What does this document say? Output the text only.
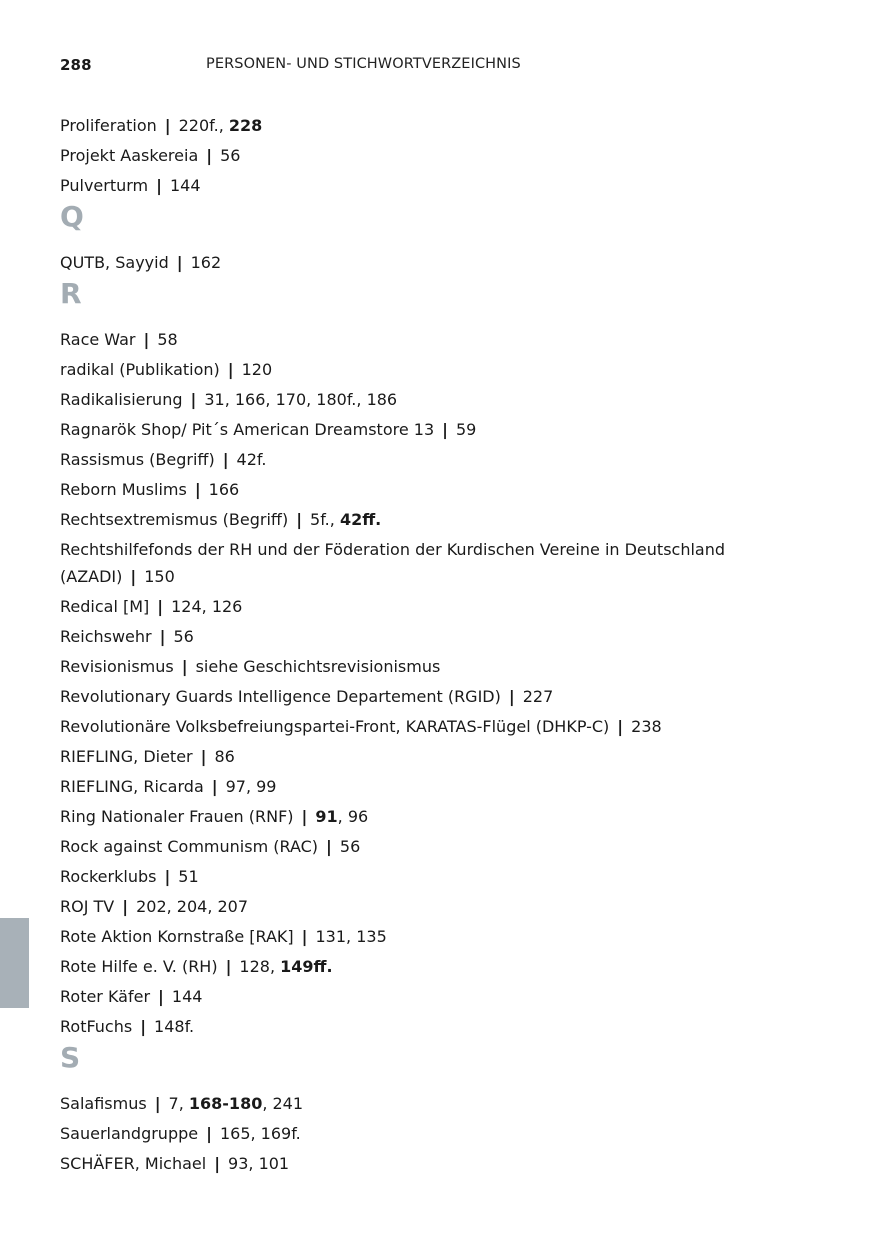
288	PERSONEN- UND STICHWORTVERZEICHNIS
Proliferation | 220f., 228
Projekt Aaskereia | 56
Pulverturm | 144
Q
QUTB, Sayyid | 162
R
Race War | 58
radikal (Publikation) | 120
Radikalisierung | 31, 166, 170, 180f., 186
Ragnarök Shop/ Pit´s American Dreamstore 13 | 59
Rassismus (Begriff) | 42f.
Reborn Muslims | 166
Rechtsextremismus (Begriff) | 5f., 42ff.
Rechtshilfefonds der RH und der Föderation der Kurdischen Vereine in Deutschland (AZADI) | 150
Redical [M] | 124, 126
Reichswehr | 56
Revisionismus | siehe Geschichtsrevisionismus
Revolutionary Guards Intelligence Departement (RGID) | 227
Revolutionäre Volksbefreiungspartei-Front, KARATAS-Flügel (DHKP-C) | 238
RIEFLING, Dieter | 86
RIEFLING, Ricarda | 97, 99
Ring Nationaler Frauen (RNF) | 91, 96
Rock against Communism (RAC) | 56
Rockerklubs | 51
ROJ TV | 202, 204, 207
Rote Aktion Kornstraße [RAK] | 131, 135
Rote Hilfe e. V. (RH) | 128, 149ff.
Roter Käfer | 144
RotFuchs | 148f.
S
Salafismus | 7, 168-180, 241
Sauerlandgruppe | 165, 169f.
SCHÄFER, Michael | 93, 101
